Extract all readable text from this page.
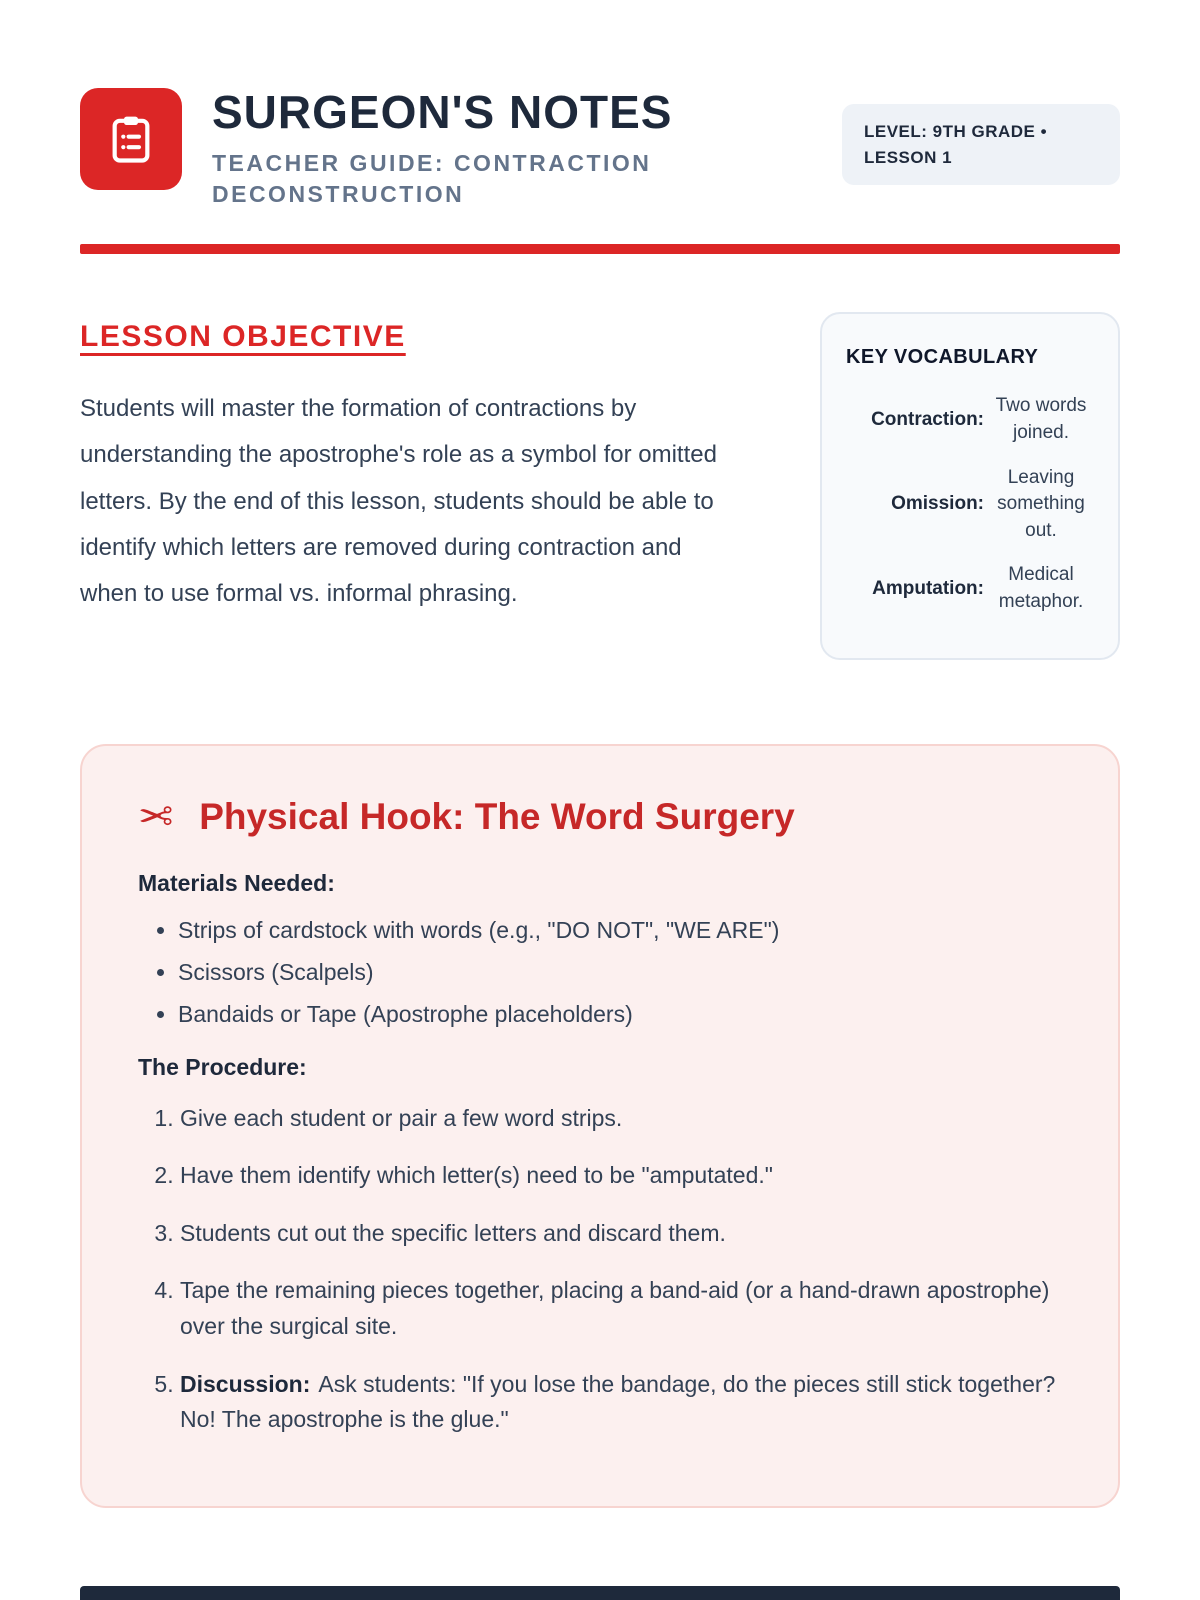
SURGEON'S NOTES
TEACHER GUIDE: CONTRACTION DECONSTRUCTION
LEVEL: 9TH GRADE • LESSON 1
LESSON OBJECTIVE

Students will master the formation of contractions by understanding the apostrophe's role as a symbol for omitted letters. By the end of this lesson, students should be able to identify which letters are removed during contraction and when to use formal vs. informal phrasing.

KEY VOCABULARY
Contraction:
Two words joined.
Omission:
Leaving something out.
Amputation:
Medical metaphor.
✂ Physical Hook: The Word Surgery
Materials Needed:
• Strips of cardstock with words (e.g., "DO NOT", "WE ARE")
• Scissors (Scalpels)
• Bandaids or Tape (Apostrophe placeholders)
The Procedure:
1. Give each student or pair a few word strips.
2. Have them identify which letter(s) need to be "amputated."
3. Students cut out the specific letters and discard them.
4. Tape the remaining pieces together, placing a band-aid (or a hand-drawn apostrophe) over the surgical site.
5. Discussion: Ask students: "If you lose the bandage, do the pieces still stick together? No! The apostrophe is the glue."
